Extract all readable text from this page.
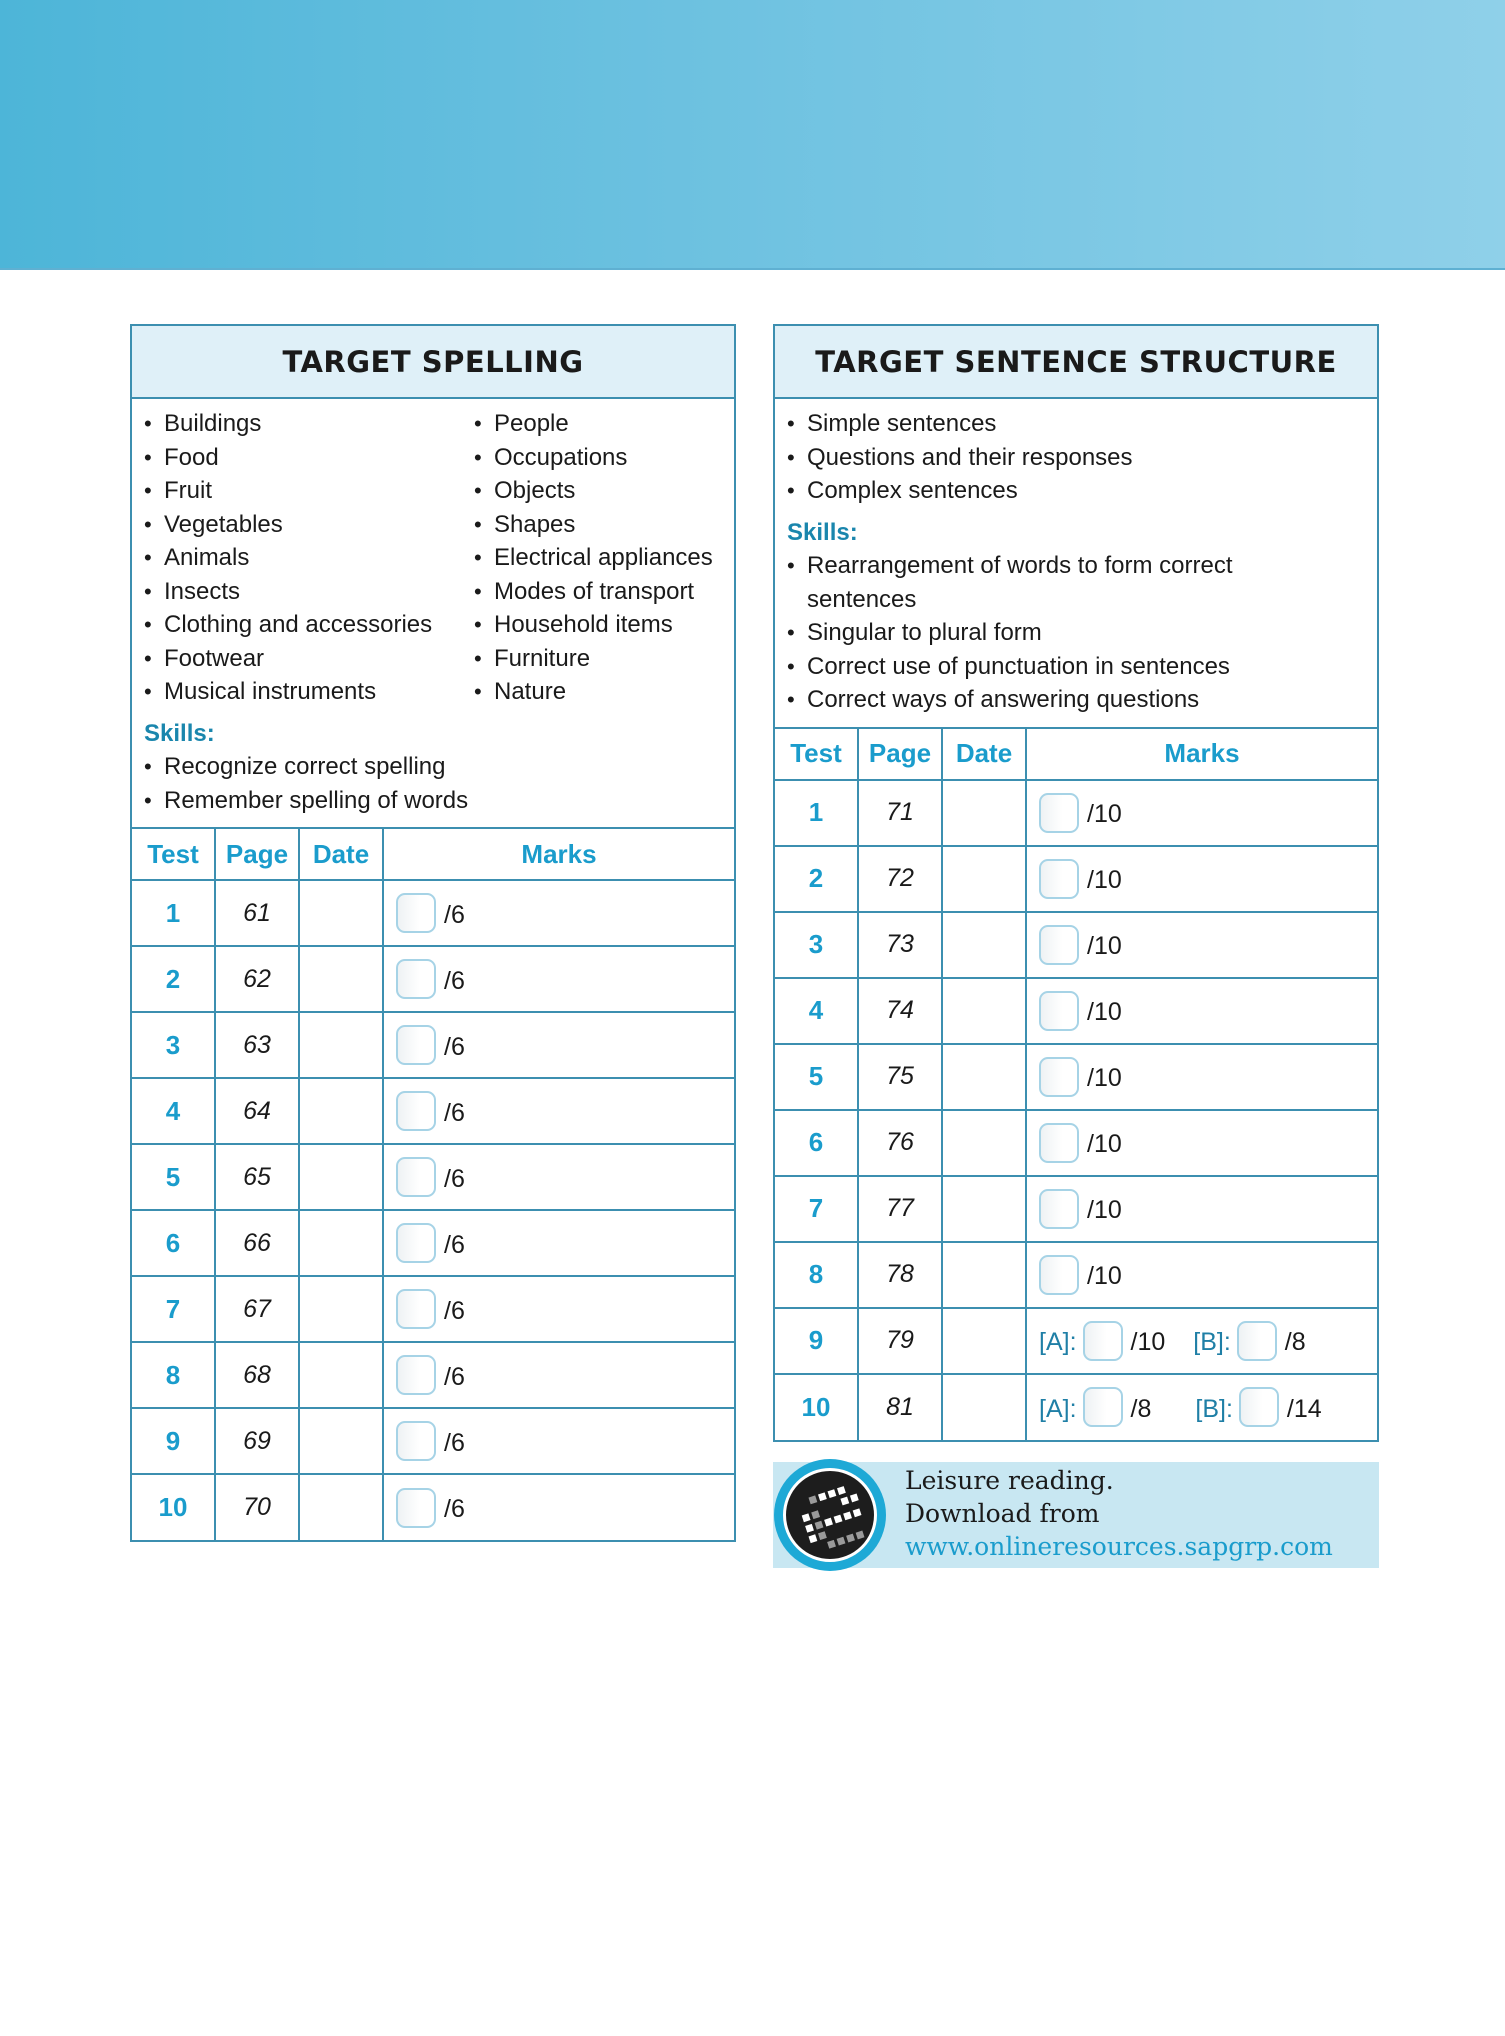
TARGET SPELLING
• Buildings
• Food
• Fruit
• Vegetables
• Animals
• Insects
• Clothing and accessories
• Footwear
• Musical instruments
• People
• Occupations
• Objects
• Shapes
• Electrical appliances
• Modes of transport
• Household items
• Furniture
• Nature
Skills:
• Recognize correct spelling
• Remember spelling of words
Test	Page	Date	Marks
1	61		/6
2	62		/6
3	63		/6
4	64		/6
5	65		/6
6	66		/6
7	67		/6
8	68		/6
9	69		/6
10	70		/6
TARGET SENTENCE STRUCTURE
• Simple sentences
• Questions and their responses
• Complex sentences
Skills:
• Rearrangement of words to form correct sentences
• Singular to plural form
• Correct use of punctuation in sentences
• Correct ways of answering questions
Test	Page	Date	Marks
1	71		/10
2	72		/10
3	73		/10
4	74		/10
5	75		/10
6	76		/10
7	77		/10
8	78		/10
9	79		[A]: /10 [B]: /8
10	81		[A]: /8 [B]: /14
Leisure reading.
Download from
www.onlineresources.sapgrp.com
